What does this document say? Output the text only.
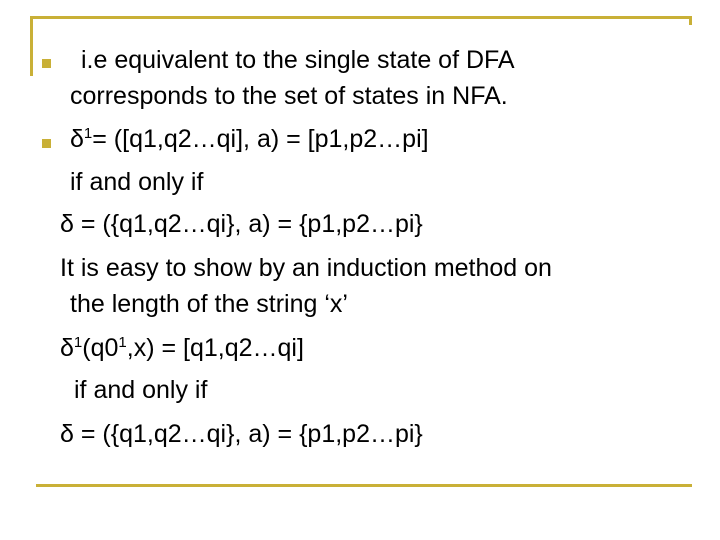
i.e equivalent to the single state of DFA
corresponds to the set of states in NFA.
$\delta^1=$ ([q1,q2…qi], a) = [p1,p2…pi]
if and only if
δ = ({q1,q2…qi}, a) = {p1,p2…pi}
It is easy to show by an induction method on
the length of the string ‘x’
$\delta^1(q0^1,x)$ = [q1,q2…qi]
if and only if
δ = ({q1,q2…qi}, a) = {p1,p2…pi}
